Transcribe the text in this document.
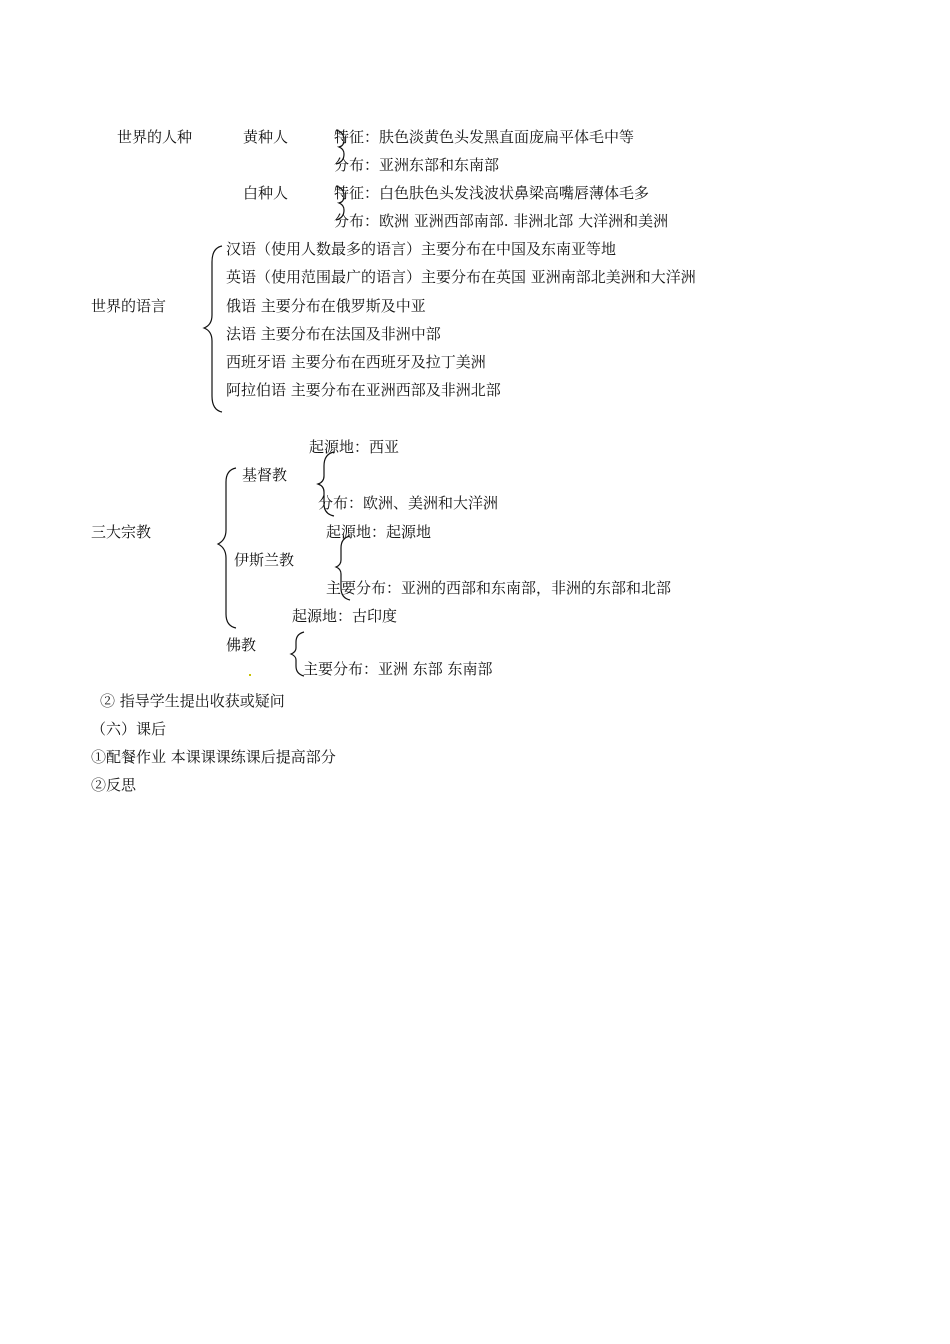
世界的人种	黄种人	特征：肤色淡黄色头发黑直面庞扁平体毛中等
分布：亚洲东部和东南部
白种人	特征：白色肤色头发浅波状鼻梁高嘴唇薄体毛多
分布：欧洲 亚洲西部南部. 非洲北部 大洋洲和美洲
世界的语言
汉语（使用人数最多的语言）主要分布在中国及东南亚等地
英语（使用范围最广的语言）主要分布在英国 亚洲南部北美洲和大洋洲
俄语 主要分布在俄罗斯及中亚
法语 主要分布在法国及非洲中部
西班牙语 主要分布在西班牙及拉丁美洲
阿拉伯语 主要分布在亚洲西部及非洲北部
三大宗教
起源地：西亚
基督教
分布：欧洲、美洲和大洋洲
起源地：起源地
伊斯兰教
主要分布：亚洲的西部和东南部，非洲的东部和北部
起源地：古印度
佛教
主要分布：亚洲 东部 东南部
② 指导学生提出收获或疑问
（六）课后
①配餐作业 本课课课练课后提高部分
②反思
